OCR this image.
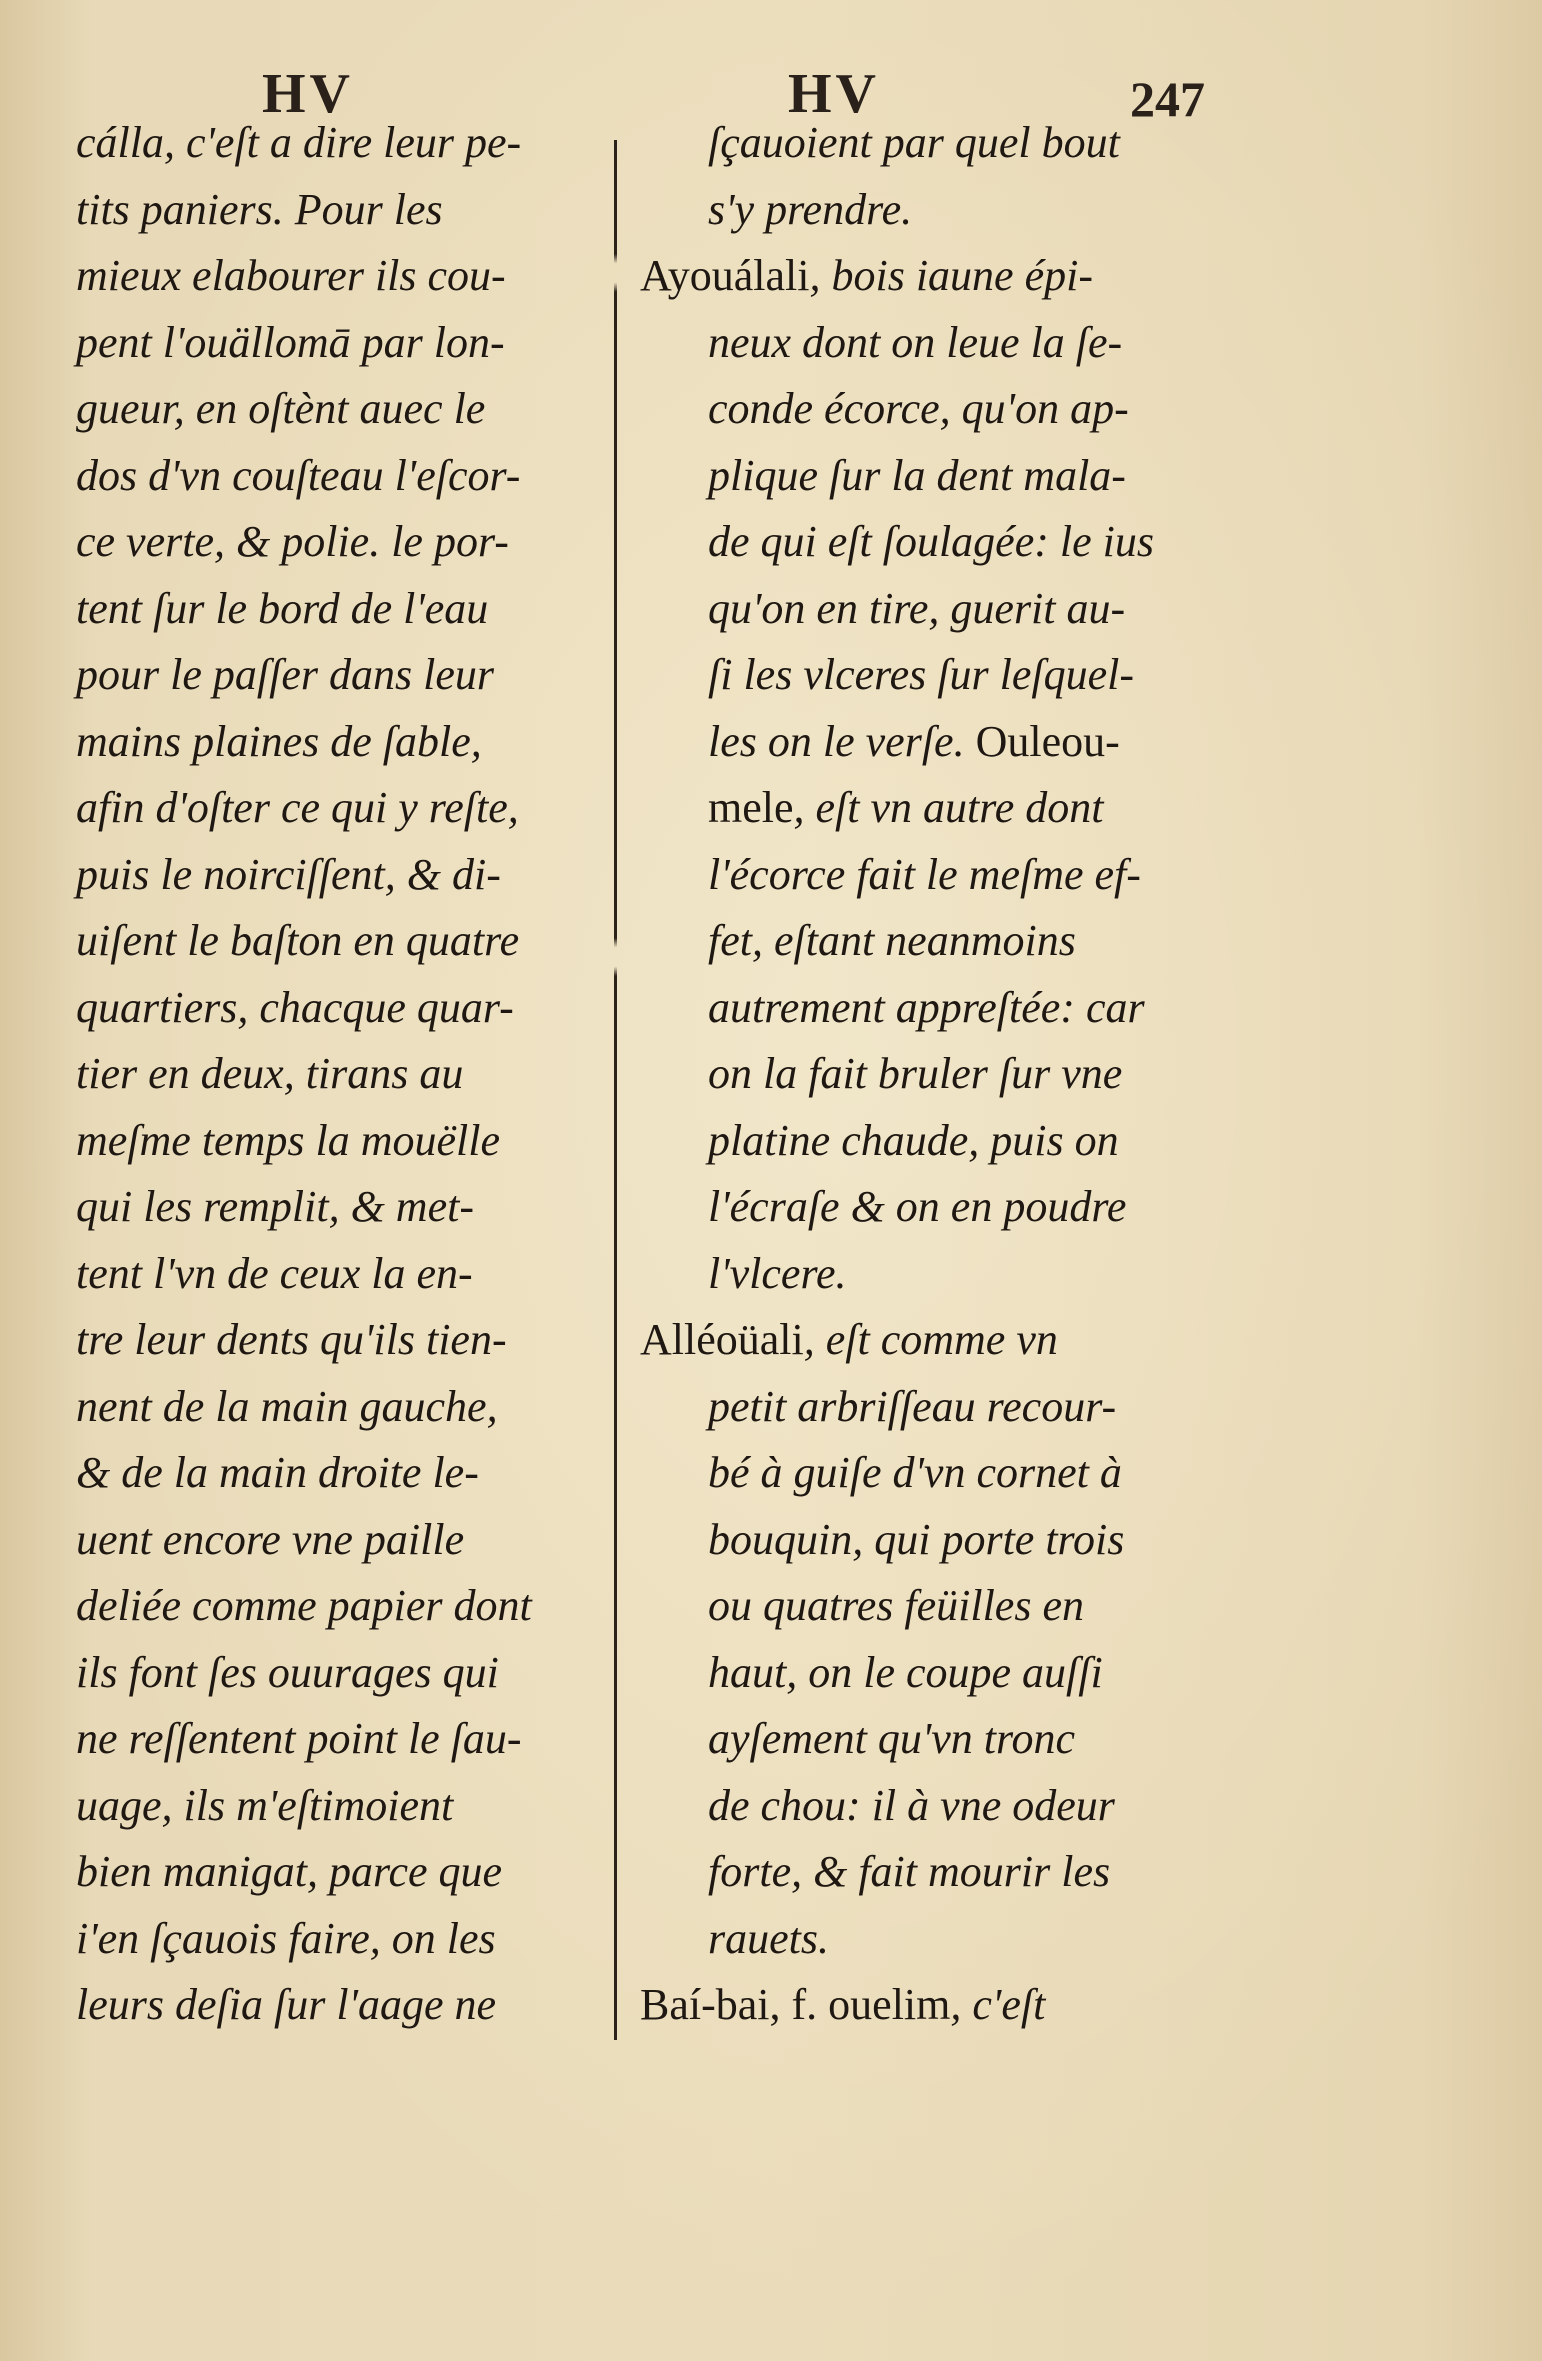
HV	HV	247
cálla, c'eſt a dire leur pe-
tits paniers. Pour les
mieux elabourer ils cou-
pent l'ouällomā par lon-
gueur, en oſtènt auec le
dos d'vn couſteau l'eſcor-
ce verte, & polie. le por-
tent ſur le bord de l'eau
pour le paſſer dans leur
mains plaines de ſable,
afin d'oſter ce qui y reſte,
puis le noirciſſent, & di-
uiſent le baſton en quatre
quartiers, chacque quar-
tier en deux, tirans au
meſme temps la mouëlle
qui les remplit, & met-
tent l'vn de ceux la en-
tre leur dents qu'ils tien-
nent de la main gauche,
& de la main droite le-
uent encore vne paille
deliée comme papier dont
ils font ſes ouurages qui
ne reſſentent point le ſau-
uage, ils m'eſtimoient
bien manigat, parce que
i'en ſçauois faire, on les
leurs deſia ſur l'aage ne
ſçauoient par quel bout
s'y prendre.
Ayouálali, bois iaune épi-
neux dont on leue la ſe-
conde écorce, qu'on ap-
plique ſur la dent mala-
de qui eſt ſoulagée: le ius
qu'on en tire, guerit au-
ſi les vlceres ſur leſquel-
les on le verſe. Ouleou-
mele, eſt vn autre dont
l'écorce fait le meſme ef-
fet, eſtant neanmoins
autrement appreſtée: car
on la fait bruler ſur vne
platine chaude, puis on
l'écraſe & on en poudre
l'vlcere.
Alléoüali, eſt comme vn
petit arbriſſeau recour-
bé à guiſe d'vn cornet à
bouquin, qui porte trois
ou quatres feüilles en
haut, on le coupe auſſi
ayſement qu'vn tronc
de chou: il à vne odeur
forte, & fait mourir les
rauets.
Baí-bai, f. ouelim, c'eſt
